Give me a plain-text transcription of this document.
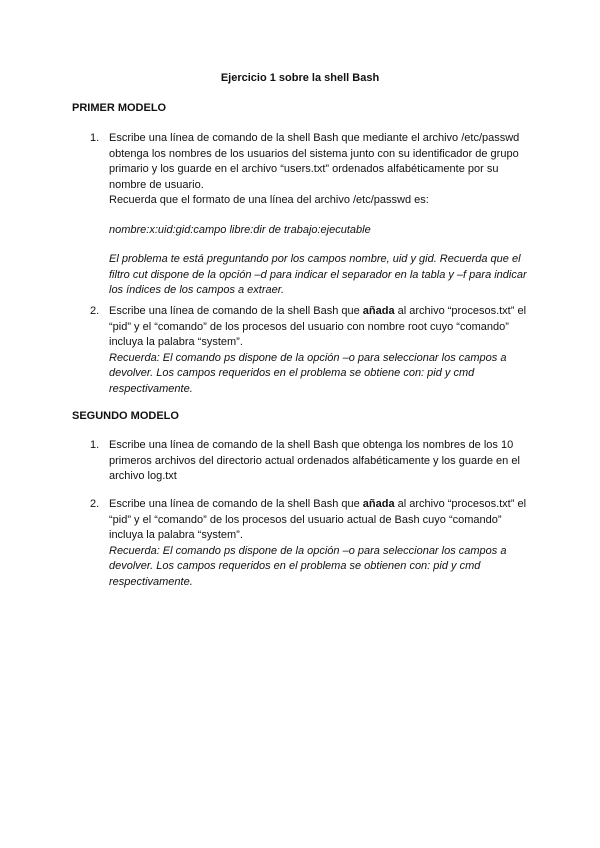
Ejercicio 1 sobre la shell Bash
PRIMER MODELO
1. Escribe una línea de comando de la shell Bash que mediante el archivo /etc/passwd obtenga los nombres de los usuarios del sistema junto con su identificador de grupo primario y los guarde en el archivo “users.txt” ordenados alfabéticamente por su nombre de usuario.

Recuerda que el formato de una línea del archivo /etc/passwd es:

nombre:x:uid:gid:campo libre:dir de trabajo:ejecutable

El problema te está preguntando por los campos nombre, uid y gid. Recuerda que el filtro cut dispone de la opción –d para indicar el separador en la tabla y –f para indicar los índices de los campos a extraer.

2. Escribe una línea de comando de la shell Bash que añada al archivo “procesos.txt” el “pid” y el “comando” de los procesos del usuario con nombre root cuyo “comando” incluya la palabra “system”.

Recuerda: El comando ps dispone de la opción –o para seleccionar los campos a devolver. Los campos requeridos en el problema se obtiene con: pid y cmd respectivamente.

SEGUNDO MODELO
1. Escribe una línea de comando de la shell Bash que obtenga los nombres de los 10 primeros archivos del directorio actual ordenados alfabéticamente y los guarde en el archivo log.txt

2. Escribe una línea de comando de la shell Bash que añada al archivo “procesos.txt” el “pid” y el “comando” de los procesos del usuario actual de Bash cuyo “comando” incluya la palabra “system”.

Recuerda: El comando ps dispone de la opción –o para seleccionar los campos a devolver. Los campos requeridos en el problema se obtienen con: pid y cmd respectivamente.
